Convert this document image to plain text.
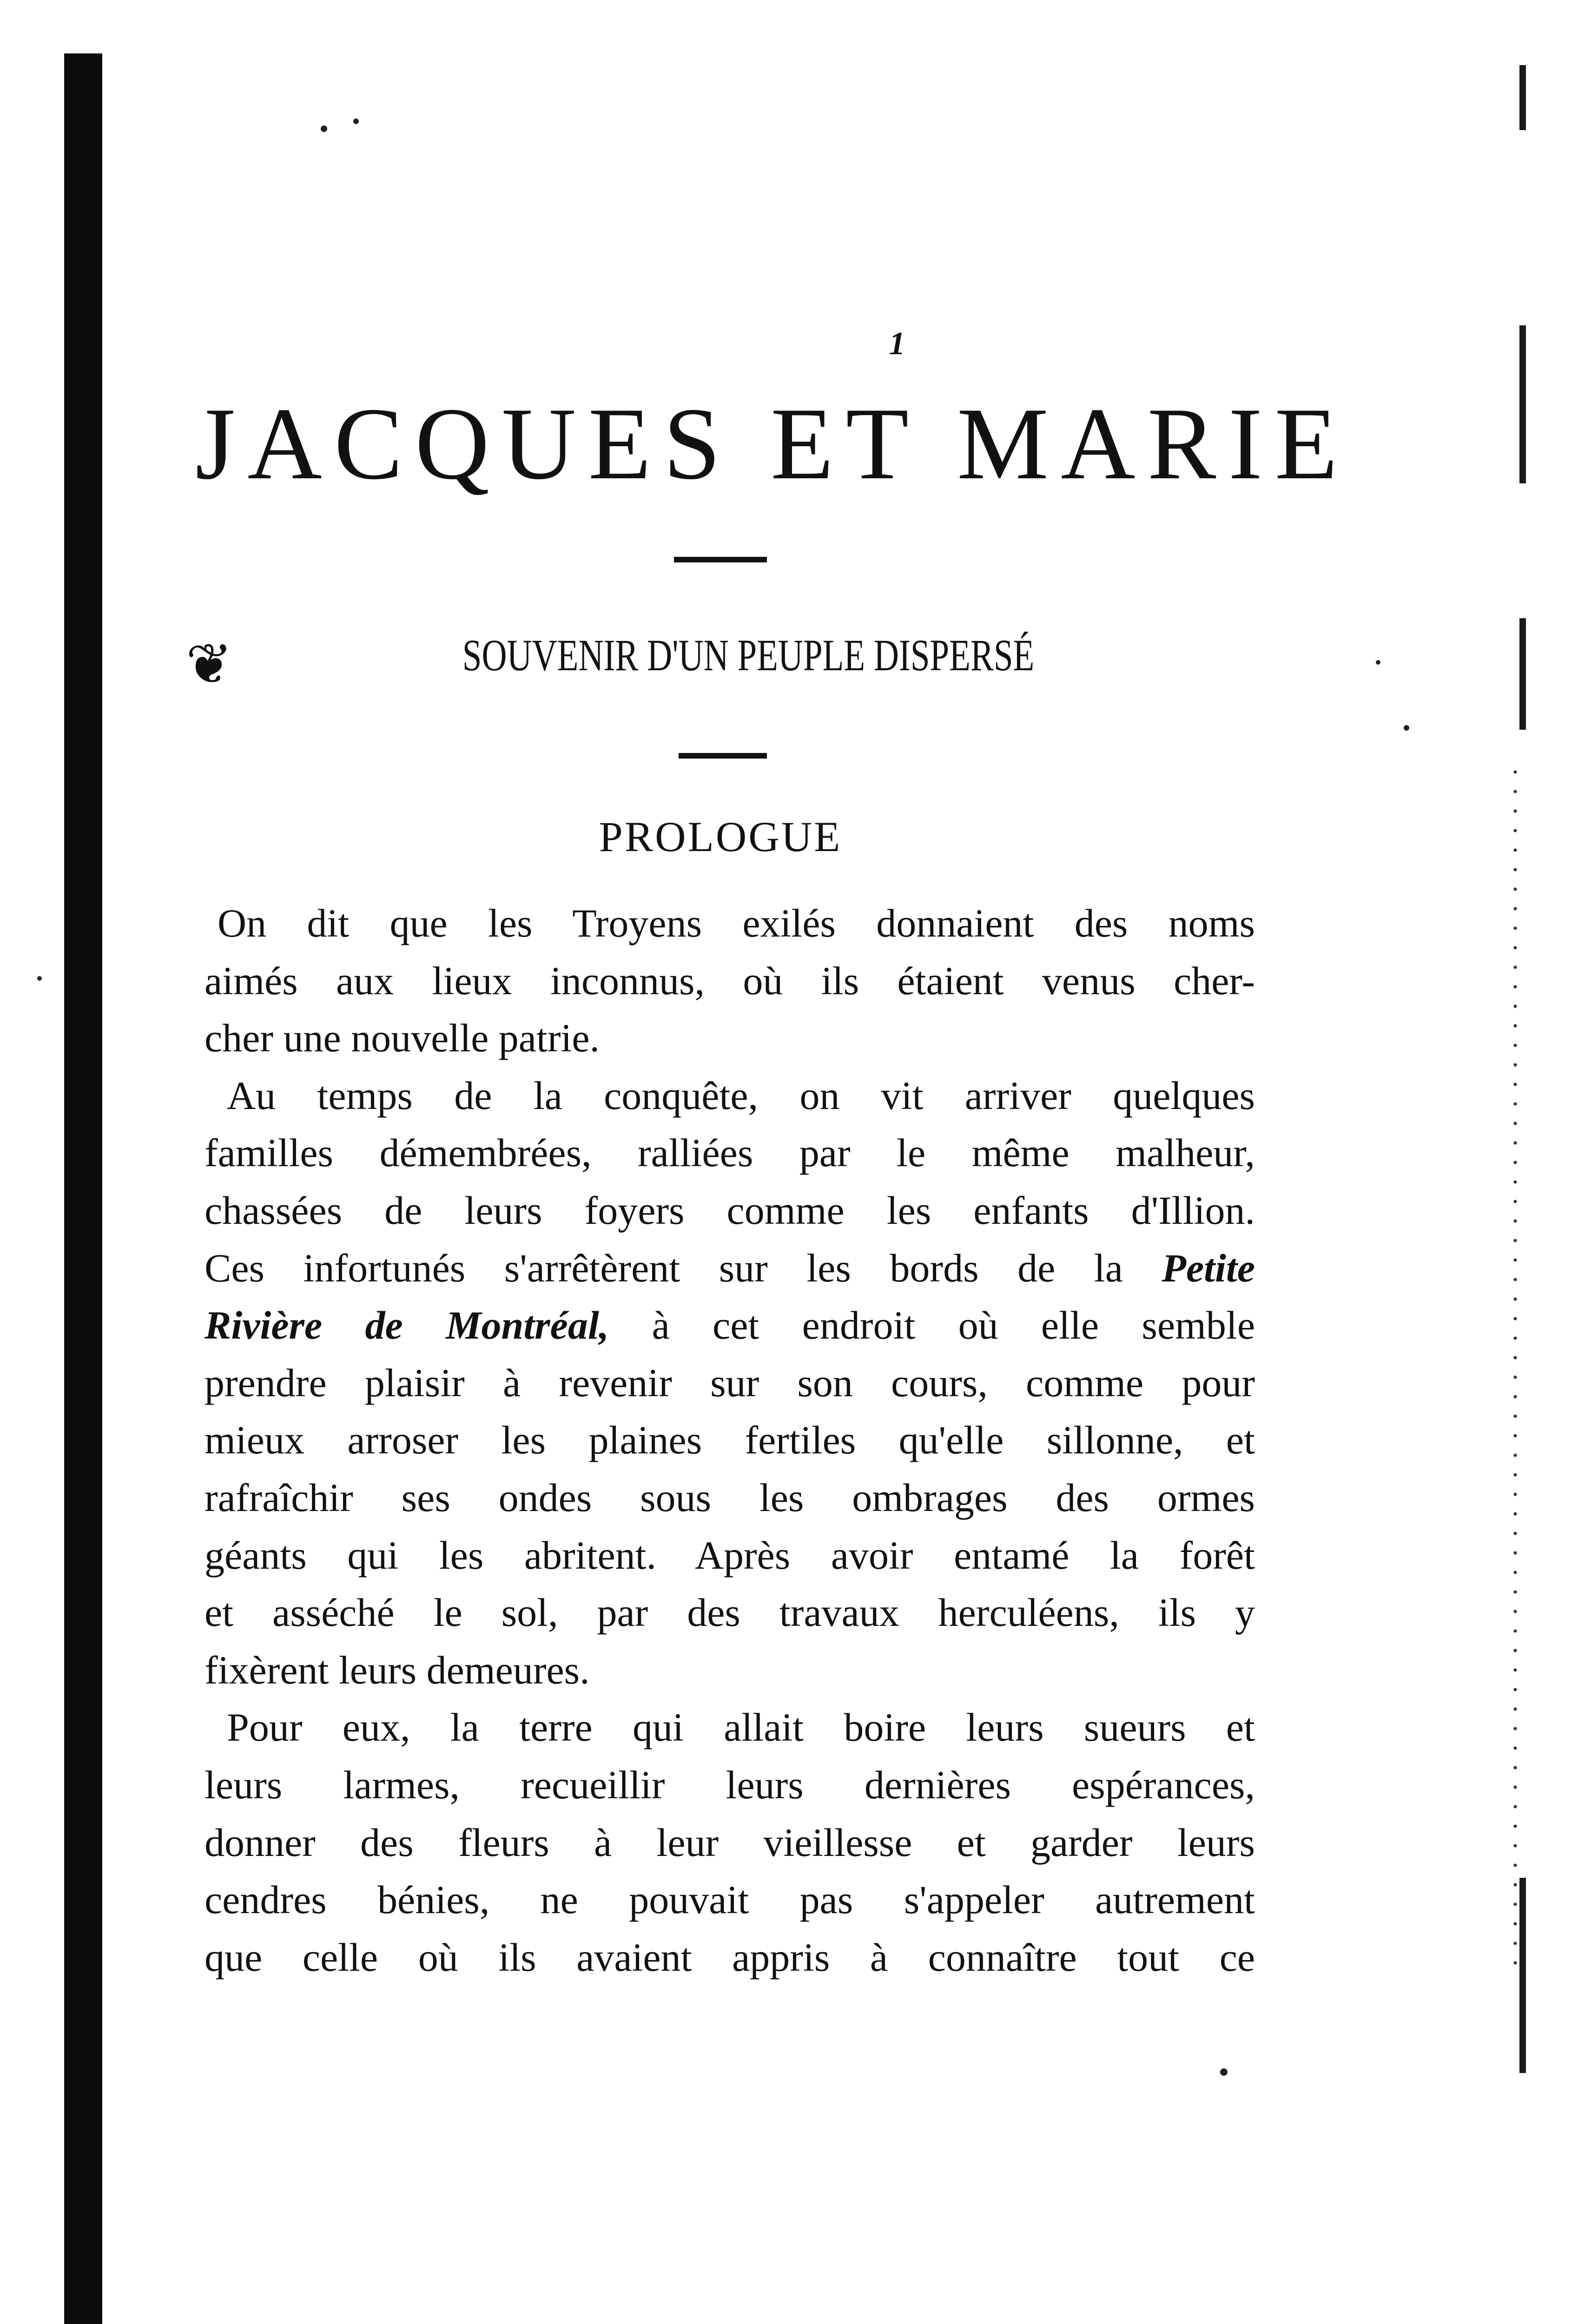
1
JACQUES ET MARIE
❦	SOUVENIR D'UN PEUPLE DISPERSÉ
PROLOGUE
On dit que les Troyens exilés donnaient des noms
aimés aux lieux inconnus, où ils étaient venus cher-
cher une nouvelle patrie.
Au temps de la conquête, on vit arriver quelques
familles démembrées, ralliées par le même malheur,
chassées de leurs foyers comme les enfants d'Illion.
Ces infortunés s'arrêtèrent sur les bords de la Petite
Rivière de Montréal, à cet endroit où elle semble
prendre plaisir à revenir sur son cours, comme pour
mieux arroser les plaines fertiles qu'elle sillonne, et
rafraîchir ses ondes sous les ombrages des ormes
géants qui les abritent. Après avoir entamé la forêt
et asséché le sol, par des travaux herculéens, ils y
fixèrent leurs demeures.
Pour eux, la terre qui allait boire leurs sueurs et
leurs larmes, recueillir leurs dernières espérances,
donner des fleurs à leur vieillesse et garder leurs
cendres bénies, ne pouvait pas s'appeler autrement
que celle où ils avaient appris à connaître tout ce
